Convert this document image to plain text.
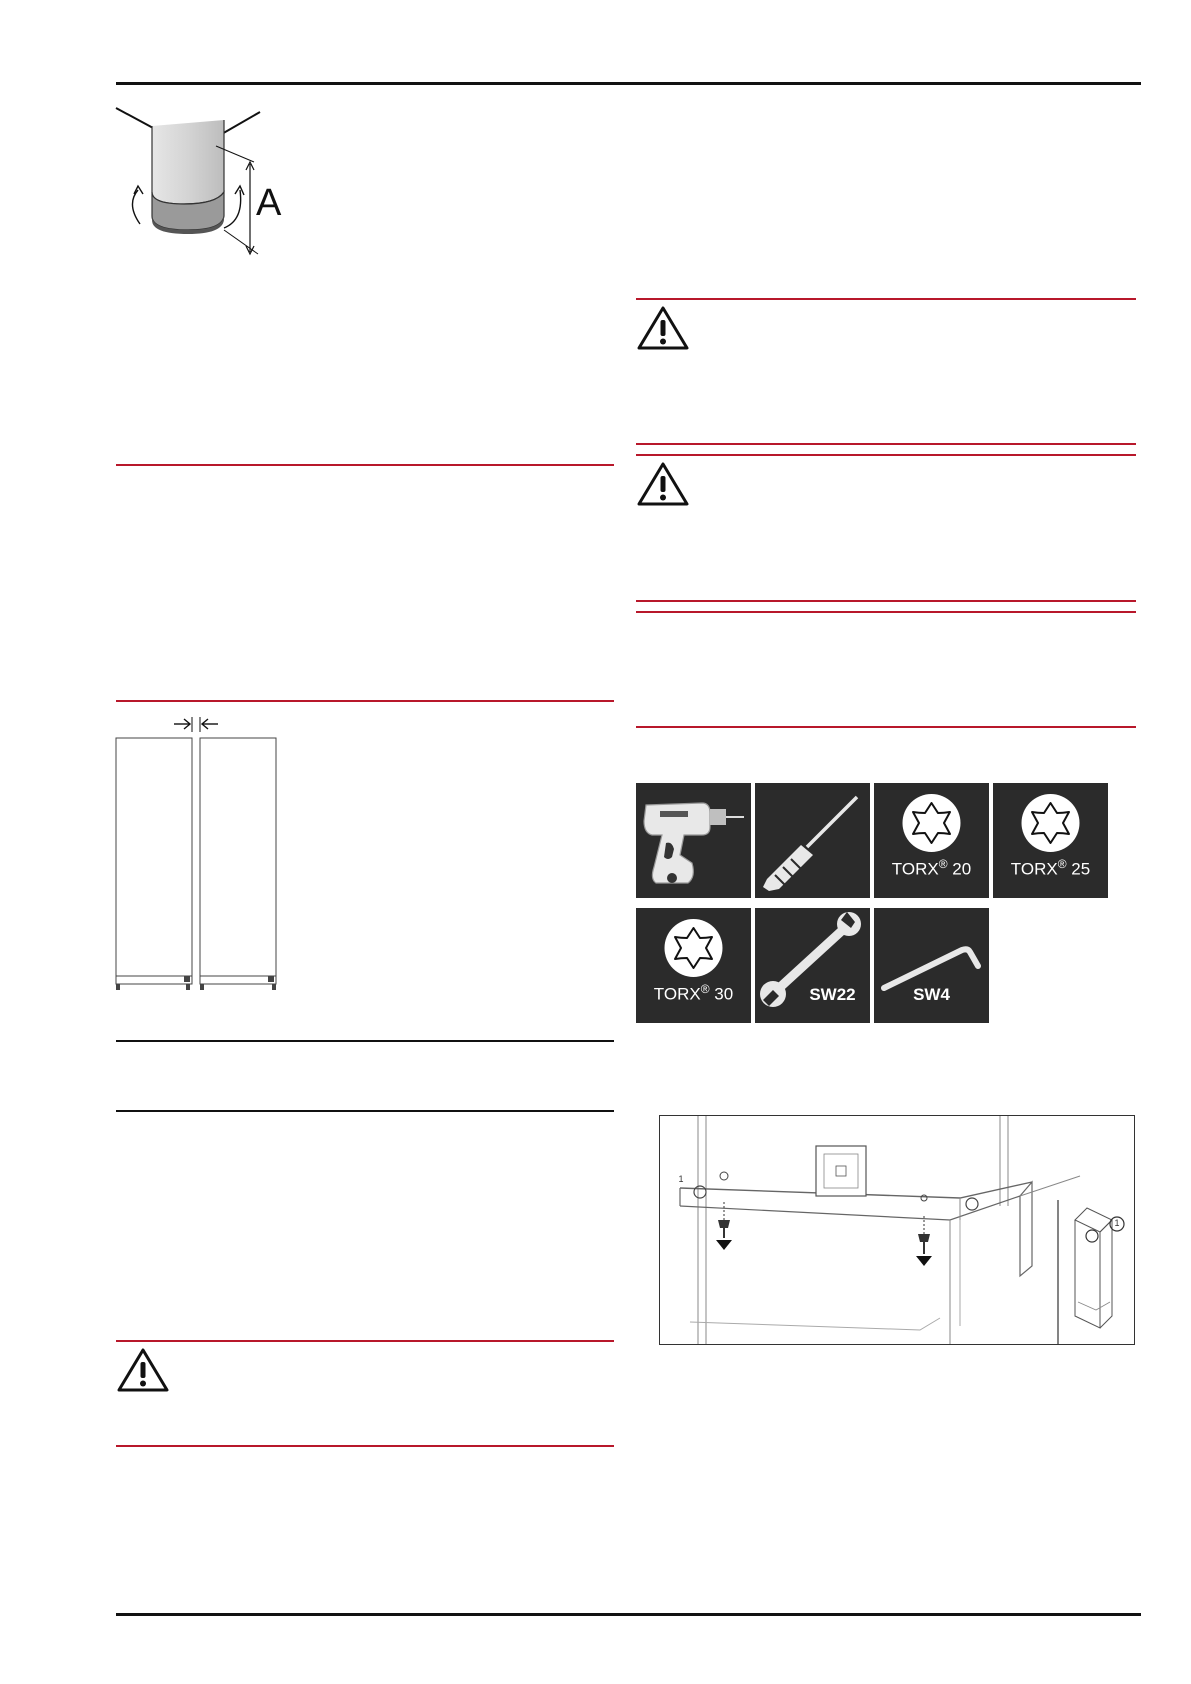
A
TORX® 20	TORX® 25
TORX® 30	SW22	SW4
1
1
